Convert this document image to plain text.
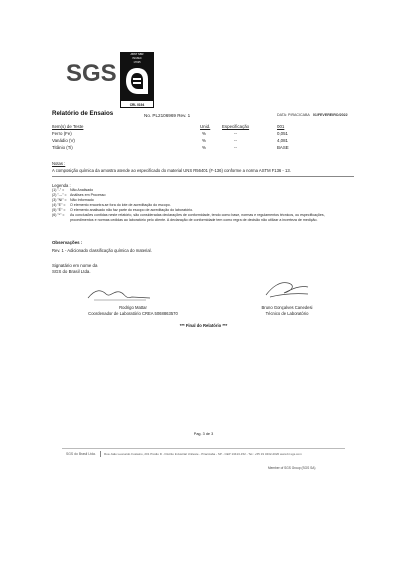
SGS
ABNT NBR
ISO/IEC
17025
CRL 0194
Relatório de Ensaios	No. PL2106969 Rev. 1	DATA: PIRACICABA 01/FEVEREIRO/2022
Item(s) de Teste	Unid.	Especificação	001
Ferro (Fe)	%	--	0,051
Vanádio (V)	%	--	4,081
Titânio (Ti)	%	--	BASE
Notas :
A composição química da amostra atende ao especificado do material UNS R56401 (F-136) conforme a norma ASTM F136 - 13.
Legenda :
(1) "-" = Não Analisado
(2) "---" = Análises em Processo
(3) "NI" = Não Informado
(4) "E" = O elemento encontra-se fora do lote de acreditação do escopo.
(5) "É" = O elemento analisado não faz parte do escopo de acreditação do laboratório.
(6) "*" = As conclusões contidas neste relatório, são consideradas declarações de conformidade, tendo como base, normas e regulamentos técnicos, ou especificações, procedimentos e normas cedidas ao laboratório pelo cliente. A declaração de conformidade tem como regra de decisão não utilizar a incerteza de medição.
Observações :
Rev. 1 - Adicionado classificação química do material.
Signatário em nome da
SGS do Brasil Ltda.
Rodrigo Mattar
Coordenador de Laboratório CREA 5068863570
Bruno Gonçalves Canedesi
Técnico de Laboratório
*** Final do Relatório ***
Pag. 3 de 3
SGS do Brasil Ltda.	Rua João Leonardo Fustaino, 201 Prédio D - Distrito Industrial Unileste - Piracicaba - SP - CEP 13413-152 - Tel.: +55 19 3432-2020 www.br.sgs.com
Member of SGS Group (SGS SA)
